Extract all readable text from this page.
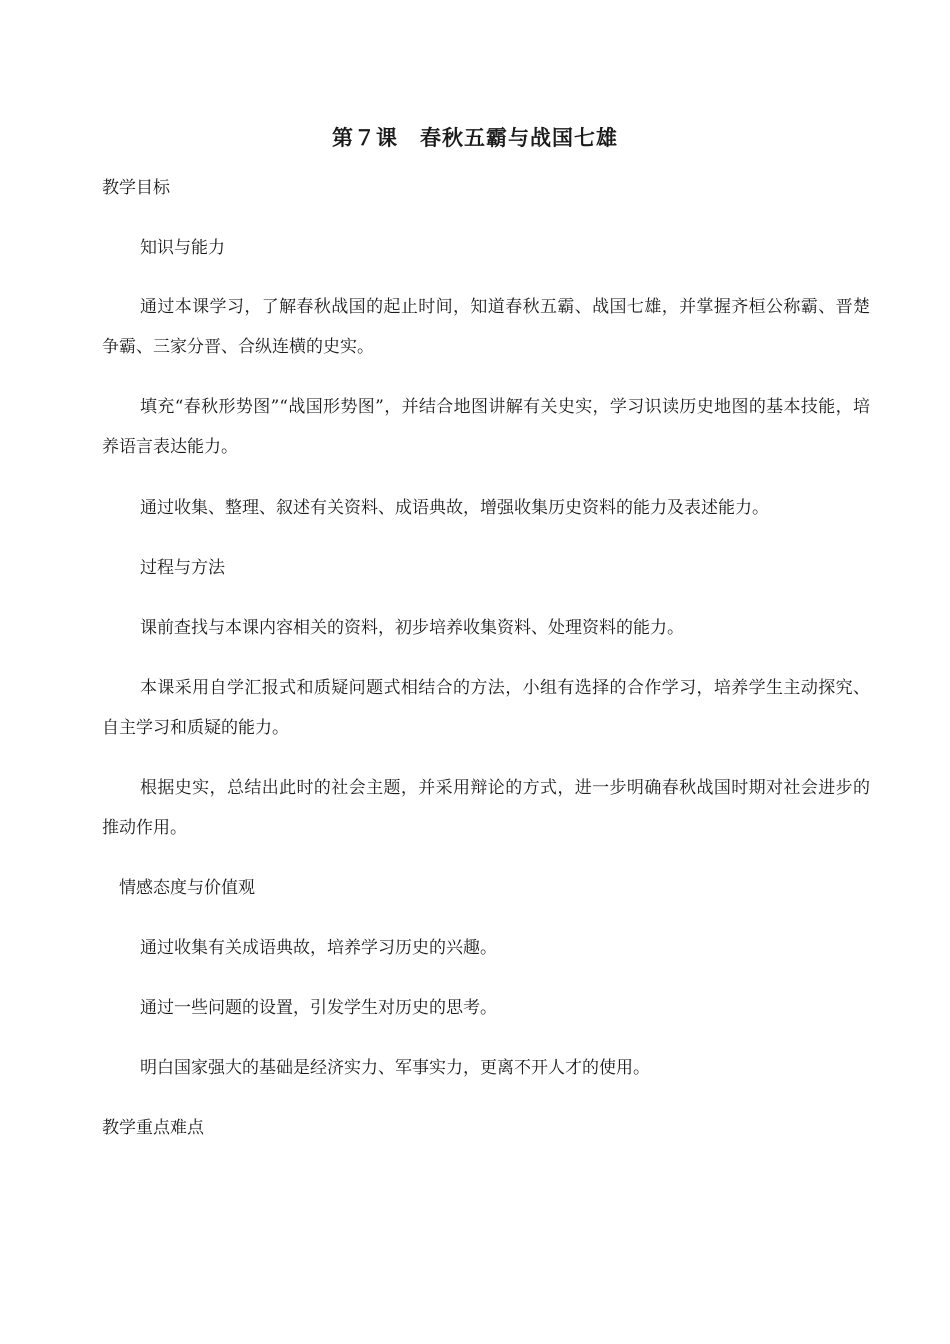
第７课　春秋五霸与战国七雄

教学目标

知识与能力

通过本课学习，了解春秋战国的起止时间，知道春秋五霸、战国七雄，并掌握齐桓公称霸、晋楚争霸、三家分晋、合纵连横的史实。

填充“春秋形势图”“战国形势图”，并结合地图讲解有关史实，学习识读历史地图的基本技能，培养语言表达能力。

通过收集、整理、叙述有关资料、成语典故，增强收集历史资料的能力及表述能力。

过程与方法

课前查找与本课内容相关的资料，初步培养收集资料、处理资料的能力。

本课采用自学汇报式和质疑问题式相结合的方法，小组有选择的合作学习，培养学生主动探究、自主学习和质疑的能力。

根据史实，总结出此时的社会主题，并采用辩论的方式，进一步明确春秋战国时期对社会进步的推动作用。

情感态度与价值观

通过收集有关成语典故，培养学习历史的兴趣。

通过一些问题的设置，引发学生对历史的思考。

明白国家强大的基础是经济实力、军事实力，更离不开人才的使用。

教学重点难点
